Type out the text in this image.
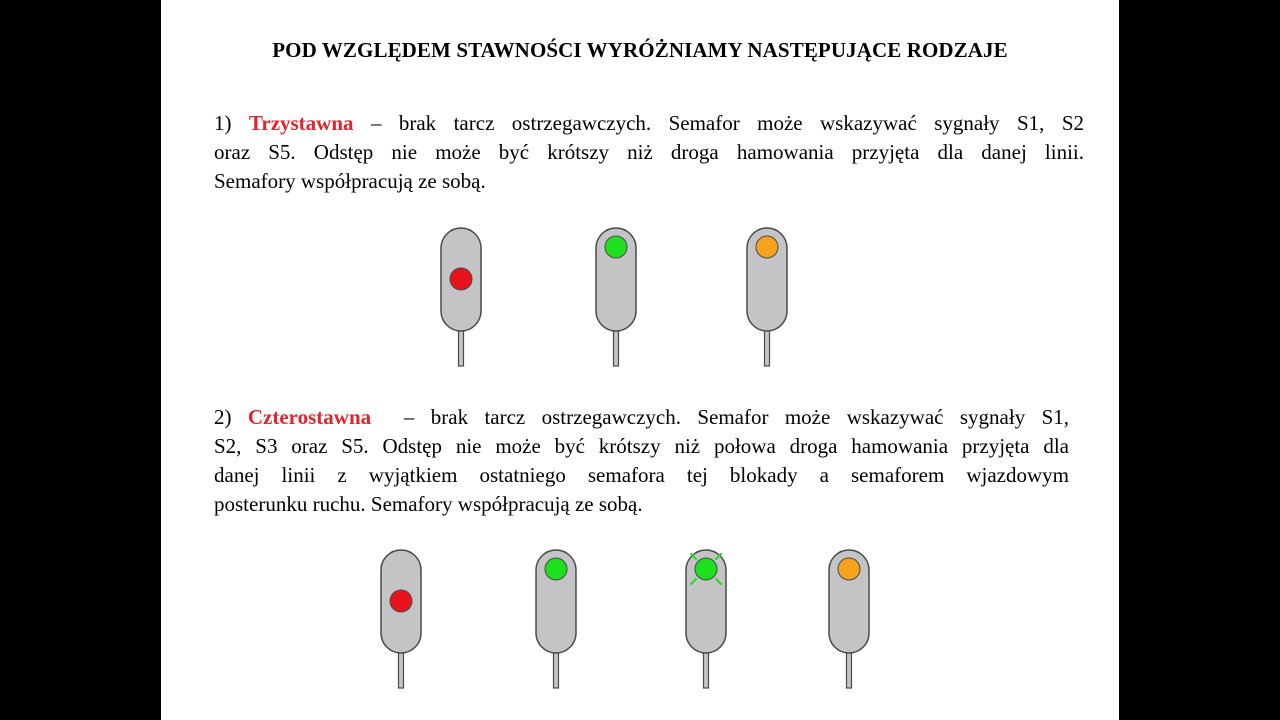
POD WZGLĘDEM STAWNOŚCI WYRÓŻNIAMY NASTĘPUJĄCE RODZAJE
1) Trzystawna – brak tarcz ostrzegawczych. Semafor może wskazywać sygnały S1, S2
oraz S5. Odstęp nie może być krótszy niż droga hamowania przyjęta dla danej linii.
Semafory współpracują ze sobą.
2) Czterostawna – brak tarcz ostrzegawczych. Semafor może wskazywać sygnały S1,
S2, S3 oraz S5. Odstęp nie może być krótszy niż połowa droga hamowania przyjęta dla
danej linii z wyjątkiem ostatniego semafora tej blokady a semaforem wjazdowym
posterunku ruchu. Semafory współpracują ze sobą.
